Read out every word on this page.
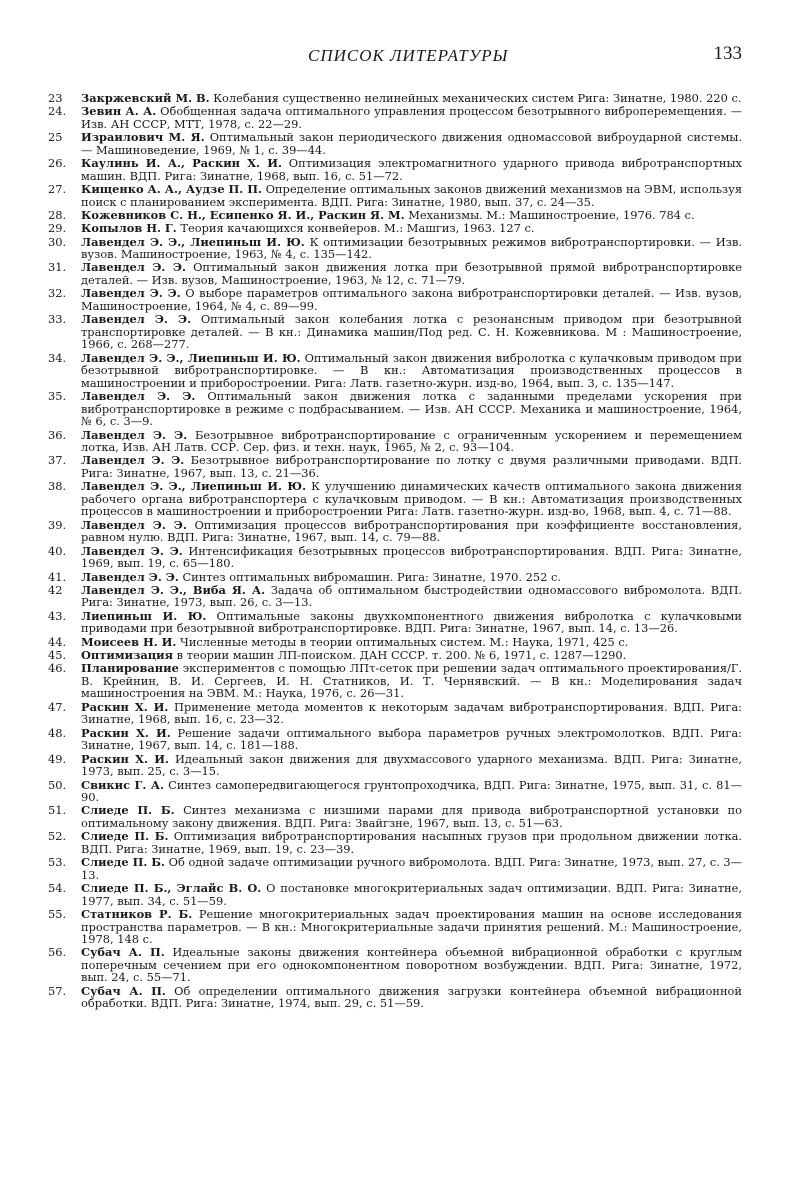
СПИСОК ЛИТЕРАТУРЫ	133
23	Закржевский М. В. Колебания существенно нелинейных механических систем Рига: Зинатне, 1980. 220 с.
24.	Зевин А. А. Обобщенная задача оптимального управления процессом безотрывного виброперемещения. — Изв. АН СССР, МТТ, 1978, с. 22—29.
25	Израилович М. Я. Оптимальный закон периодического движения одномассовой виброударной системы. — Машиноведение, 1969, № 1, с. 39—44.
26.	Каулинь И. А., Раскин Х. И. Оптимизация электромагнитного ударного привода вибротранспортных машин. ВДП. Рига: Зинатне, 1968, вып. 16, с. 51—72.
27.	Кищенко А. А., Аудзе П. П. Определение оптимальных законов движений механизмов на ЭВМ, используя поиск с планированием эксперимента. ВДП. Рига: Зинатне, 1980, вып. 37, с. 24—35.
28.	Кожевников С. Н., Есипенко Я. И., Раскин Я. М. Механизмы. М.: Машиностроение, 1976. 784 с.
29.	Копылов Н. Г. Теория качающихся конвейеров. М.: Машгиз, 1963. 127 с.
30.	Лавендел Э. Э., Лиепиньш И. Ю. К оптимизации безотрывных режимов вибротранспортировки. — Изв. вузов. Машиностроение, 1963, № 4, с. 135—142.
31.	Лавендел Э. Э. Оптимальный закон движения лотка при безотрывной прямой вибротранспортировке деталей. — Изв. вузов, Машиностроение, 1963, № 12, с. 71—79.
32.	Лавендел Э. Э. О выборе параметров оптимального закона вибротранспортировки деталей. — Изв. вузов, Машиностроение, 1964, № 4, с. 89—99.
33.	Лавендел Э. Э. Оптимальный закон колебания лотка с резонансным приводом при безотрывной транспортировке деталей. — В кн.: Динамика машин/Под ред. С. Н. Кожевникова. М : Машиностроение, 1966, с. 268—277.
34.	Лавендел Э. Э., Лиепиньш И. Ю. Оптимальный закон движения вибролотка с кулачковым приводом при безотрывной вибротранспортировке. — В кн.: Автоматизация производственных процессов в машиностроении и приборостроении. Рига: Латв. газетно-журн. изд-во, 1964, вып. 3, с. 135—147.
35.	Лавендел Э. Э. Оптимальный закон движения лотка с заданными пределами ускорения при вибротранспортировке в режиме с подбрасыванием. — Изв. АН СССР. Механика и машиностроение, 1964, № 6, с. 3—9.
36.	Лавендел Э. Э. Безотрывное вибротранспортирование с ограниченным ускорением и перемещением лотка, Изв. АН Латв. ССР. Сер. физ. и техн. наук, 1965, № 2, с. 93—104.
37.	Лавендел Э. Э. Безотрывное вибротранспортирование по лотку с двумя различными приводами. ВДП. Рига: Зинатне, 1967, вып. 13, с. 21—36.
38.	Лавендел Э. Э., Лиепиньш И. Ю. К улучшению динамических качеств оптимального закона движения рабочего органа вибротранспортера с кулачковым приводом. — В кн.: Автоматизация производственных процессов в машиностроении и приборостроении Рига: Латв. газетно-журн. изд-во, 1968, вып. 4, с. 71—88.
39.	Лавендел Э. Э. Оптимизация процессов вибротранспортирования при коэффициенте восстановления, равном нулю. ВДП. Рига: Зинатне, 1967, вып. 14, с. 79—88.
40.	Лавендел Э. Э. Интенсификация безотрывных процессов вибротранспортирования. ВДП. Рига: Зинатне, 1969, вып. 19, с. 65—180.
41.	Лавендел Э. Э. Синтез оптимальных вибромашин. Рига: Зинатне, 1970. 252 с.
42	Лавендел Э. Э., Виба Я. А. Задача об оптимальном быстродействии одномассового вибромолота. ВДП. Рига: Зинатне, 1973, вып. 26, с. 3—13.
43.	Лиепиньш И. Ю. Оптимальные законы двухкомпонентного движения вибролотка с кулачковыми приводами при безотрывной вибротранспортировке. ВДП. Рига: Зинатне, 1967, вып. 14, с. 13—26.
44.	Моисеев Н. И. Численные методы в теории оптимальных систем. М.: Наука, 1971, 425 с.
45.	Оптимизация в теории машин ЛП-поиском. ДАН СССР. т. 200. № 6, 1971, с. 1287—1290.
46.	Планирование экспериментов с помощью ЛПτ-сеток при решении задач оптимального проектирования/Г. В. Крейнин, В. И. Сергеев, И. Н. Статников, И. Т. Чернявский. — В кн.: Моделирования задач машиностроения на ЭВМ. М.: Наука, 1976, с. 26—31.
47.	Раскин Х. И. Применение метода моментов к некоторым задачам вибротранспортирования. ВДП. Рига: Зинатне, 1968, вып. 16, с. 23—32.
48.	Раскин Х. И. Решение задачи оптимального выбора параметров ручных электромолотков. ВДП. Рига: Зинатне, 1967, вып. 14, с. 181—188.
49.	Раскин Х. И. Идеальный закон движения для двухмассового ударного механизма. ВДП. Рига: Зинатне, 1973, вып. 25, с. 3—15.
50.	Свикис Г. А. Синтез самопередвигающегося грунтопроходчика, ВДП. Рига: Зинатне, 1975, вып. 31, с. 81—90.
51.	Слиеде П. Б. Синтез механизма с низшими парами для привода вибротранспортной установки по оптимальному закону движения. ВДП. Рига: Звайгзне, 1967, вып. 13, с. 51—63.
52.	Слиеде П. Б. Оптимизация вибротранспортирования насыпных грузов при продольном движении лотка. ВДП. Рига: Зинатне, 1969, вып. 19, с. 23—39.
53.	Слиеде П. Б. Об одной задаче оптимизации ручного вибромолота. ВДП. Рига: Зинатне, 1973, вып. 27, с. 3—13.
54.	Слиеде П. Б., Эглайс В. О. О постановке многокритериальных задач оптимизации. ВДП. Рига: Зинатне, 1977, вып. 34, с. 51—59.
55.	Статников Р. Б. Решение многокритериальных задач проектирования машин на основе исследования пространства параметров. — В кн.: Многокритериальные задачи принятия решений. М.: Машиностроение, 1978, 148 с.
56.	Субач А. П. Идеальные законы движения контейнера объемной вибрационной обработки с круглым поперечным сечением при его однокомпонентном поворотном возбуждении. ВДП. Рига: Зинатне, 1972, вып. 24, с. 55—71.
57.	Субач А. П. Об определении оптимального движения загрузки контейнера объемной вибрационной обработки. ВДП. Рига: Зинатне, 1974, вып. 29, с. 51—59.
